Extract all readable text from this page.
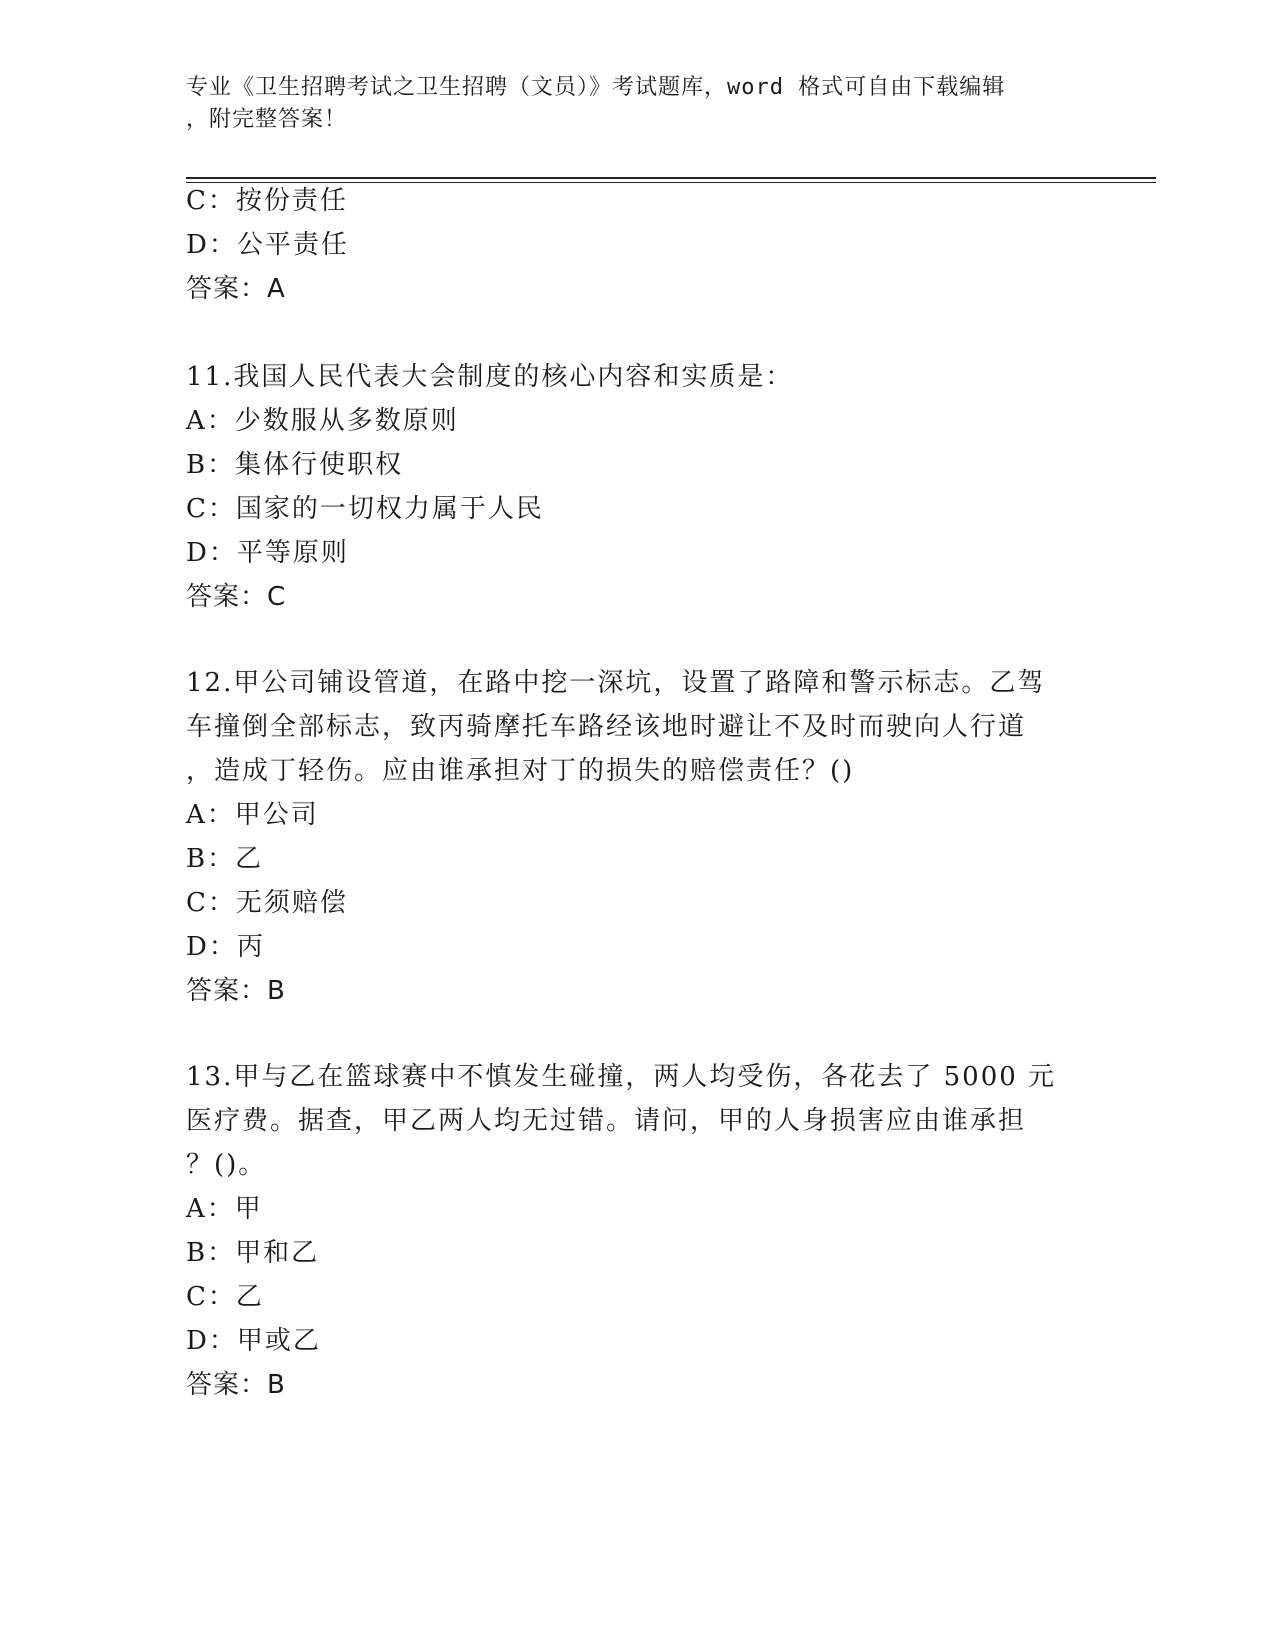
专业《卫生招聘考试之卫生招聘（文员）》考试题库，word 格式可自由下载编辑
，附完整答案！
C：按份责任
D：公平责任
答案：A
11.我国人民代表大会制度的核心内容和实质是：
A：少数服从多数原则
B：集体行使职权
C：国家的一切权力属于人民
D：平等原则
答案：C
12.甲公司铺设管道，在路中挖一深坑，设置了路障和警示标志。乙驾
车撞倒全部标志，致丙骑摩托车路经该地时避让不及时而驶向人行道
，造成丁轻伤。应由谁承担对丁的损失的赔偿责任？()
A：甲公司
B：乙
C：无须赔偿
D：丙
答案：B
13.甲与乙在篮球赛中不慎发生碰撞，两人均受伤，各花去了 5000 元
医疗费。据查，甲乙两人均无过错。请问，甲的人身损害应由谁承担
？()。
A：甲
B：甲和乙
C：乙
D：甲或乙
答案：B
